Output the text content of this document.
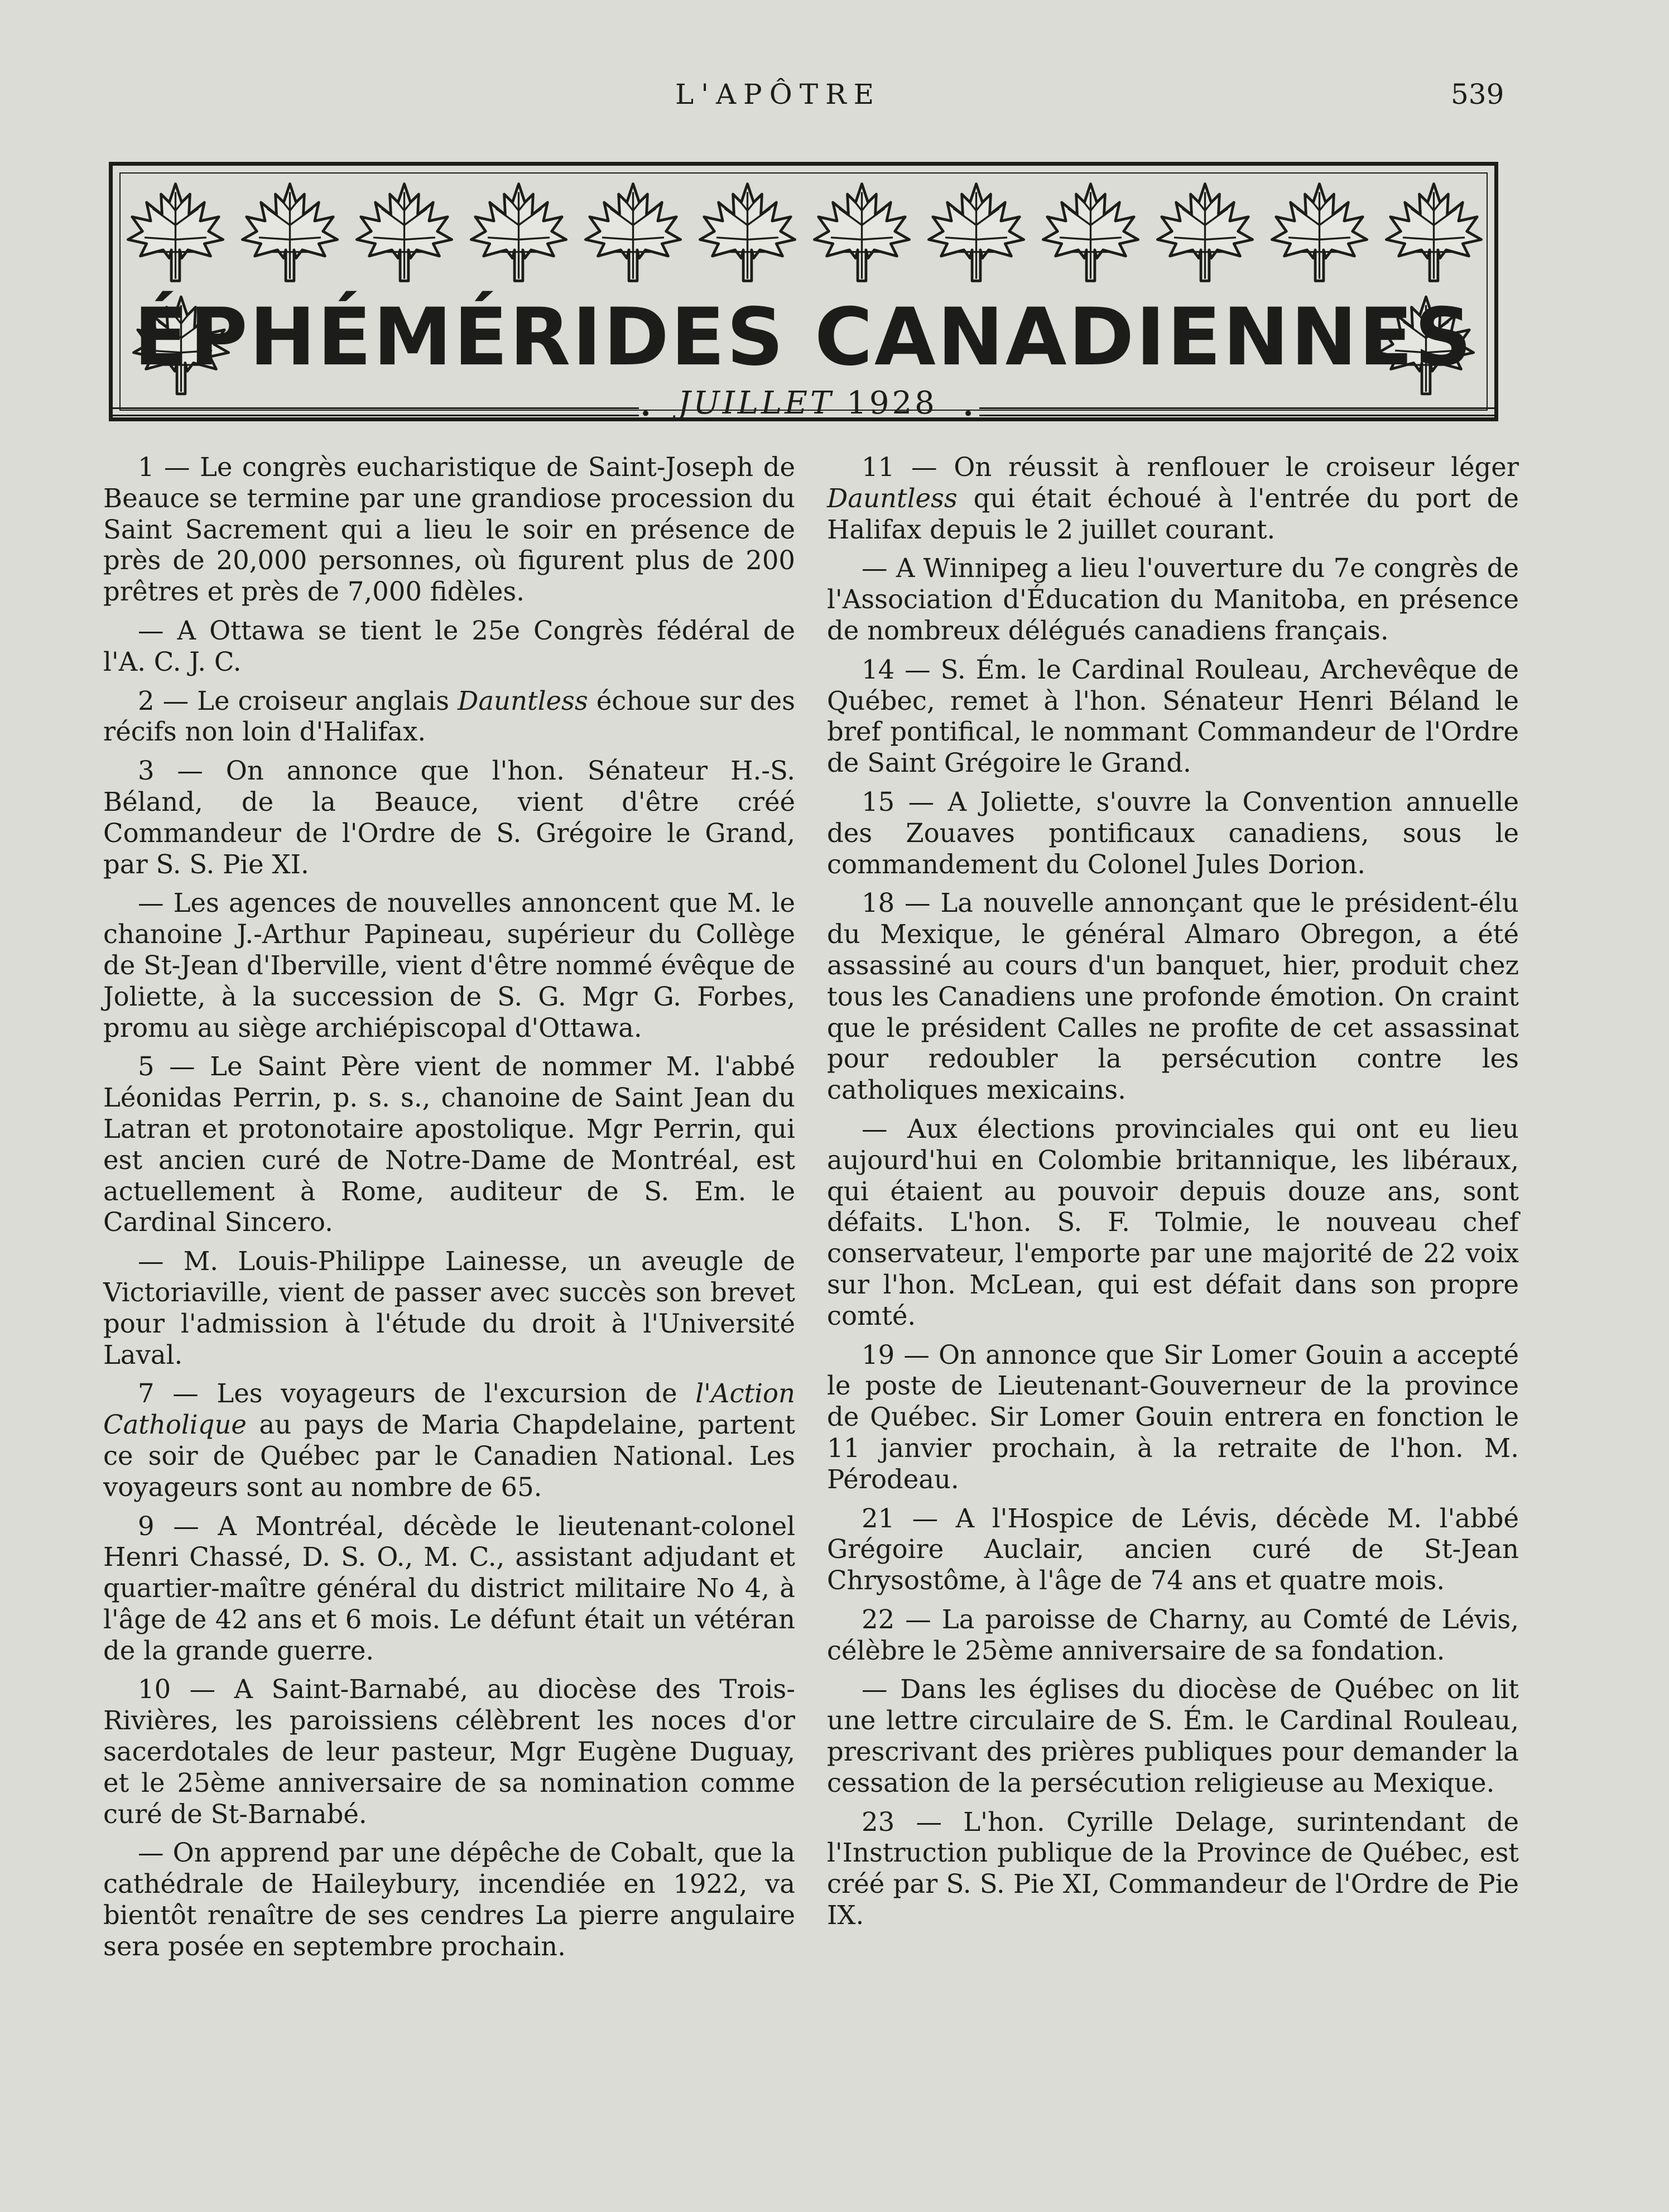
L'APÔTRE	539
ÉPHÉMÉRIDES CANADIENNES
• JUILLET 1928 •

1 — Le congrès eucharistique de Saint-Joseph de Beauce se termine par une grandiose procession du Saint Sacrement qui a lieu le soir en présence de près de 20,000 personnes, où figurent plus de 200 prêtres et près de 7,000 fidèles.

— A Ottawa se tient le 25e Congrès fédéral de l'A. C. J. C.

2 — Le croiseur anglais Dauntless échoue sur des récifs non loin d'Halifax.

3 — On annonce que l'hon. Sénateur H.-S. Béland, de la Beauce, vient d'être créé Commandeur de l'Ordre de S. Grégoire le Grand, par S. S. Pie XI.

— Les agences de nouvelles annoncent que M. le chanoine J.-Arthur Papineau, supérieur du Collège de St-Jean d'Iberville, vient d'être nommé évêque de Joliette, à la succession de S. G. Mgr G. Forbes, promu au siège archiépiscopal d'Ottawa.

5 — Le Saint Père vient de nommer M. l'abbé Léonidas Perrin, p. s. s., chanoine de Saint Jean du Latran et protonotaire apostolique. Mgr Perrin, qui est ancien curé de Notre-Dame de Montréal, est actuellement à Rome, auditeur de S. Em. le Cardinal Sincero.

— M. Louis-Philippe Lainesse, un aveugle de Victoriaville, vient de passer avec succès son brevet pour l'admission à l'étude du droit à l'Université Laval.

7 — Les voyageurs de l'excursion de l'Action Catholique au pays de Maria Chapdelaine, partent ce soir de Québec par le Canadien National. Les voyageurs sont au nombre de 65.

9 — A Montréal, décède le lieutenant-colonel Henri Chassé, D. S. O., M. C., assistant adjudant et quartier-maître général du district militaire No 4, à l'âge de 42 ans et 6 mois. Le défunt était un vétéran de la grande guerre.

10 — A Saint-Barnabé, au diocèse des Trois-Rivières, les paroissiens célèbrent les noces d'or sacerdotales de leur pasteur, Mgr Eugène Duguay, et le 25ème anniversaire de sa nomination comme curé de St-Barnabé.

— On apprend par une dépêche de Cobalt, que la cathédrale de Haileybury, incendiée en 1922, va bientôt renaître de ses cendres La pierre angulaire sera posée en septembre prochain.

11 — On réussit à renflouer le croiseur léger Dauntless qui était échoué à l'entrée du port de Halifax depuis le 2 juillet courant.

— A Winnipeg a lieu l'ouverture du 7e congrès de l'Association d'Éducation du Manitoba, en présence de nombreux délégués canadiens français.

14 — S. Ém. le Cardinal Rouleau, Archevêque de Québec, remet à l'hon. Sénateur Henri Béland le bref pontifical, le nommant Commandeur de l'Ordre de Saint Grégoire le Grand.

15 — A Joliette, s'ouvre la Convention annuelle des Zouaves pontificaux canadiens, sous le commandement du Colonel Jules Dorion.

18 — La nouvelle annonçant que le président-élu du Mexique, le général Almaro Obregon, a été assassiné au cours d'un banquet, hier, produit chez tous les Canadiens une profonde émotion. On craint que le président Calles ne profite de cet assassinat pour redoubler la persécution contre les catholiques mexicains.

— Aux élections provinciales qui ont eu lieu aujourd'hui en Colombie britannique, les libéraux, qui étaient au pouvoir depuis douze ans, sont défaits. L'hon. S. F. Tolmie, le nouveau chef conservateur, l'emporte par une majorité de 22 voix sur l'hon. McLean, qui est défait dans son propre comté.

19 — On annonce que Sir Lomer Gouin a accepté le poste de Lieutenant-Gouverneur de la province de Québec. Sir Lomer Gouin entrera en fonction le 11 janvier prochain, à la retraite de l'hon. M. Pérodeau.

21 — A l'Hospice de Lévis, décède M. l'abbé Grégoire Auclair, ancien curé de St-Jean Chrysostôme, à l'âge de 74 ans et quatre mois.

22 — La paroisse de Charny, au Comté de Lévis, célèbre le 25ème anniversaire de sa fondation.

— Dans les églises du diocèse de Québec on lit une lettre circulaire de S. Ém. le Cardinal Rouleau, prescrivant des prières publiques pour demander la cessation de la persécution religieuse au Mexique.

23 — L'hon. Cyrille Delage, surintendant de l'Instruction publique de la Province de Québec, est créé par S. S. Pie XI, Commandeur de l'Ordre de Pie IX.
